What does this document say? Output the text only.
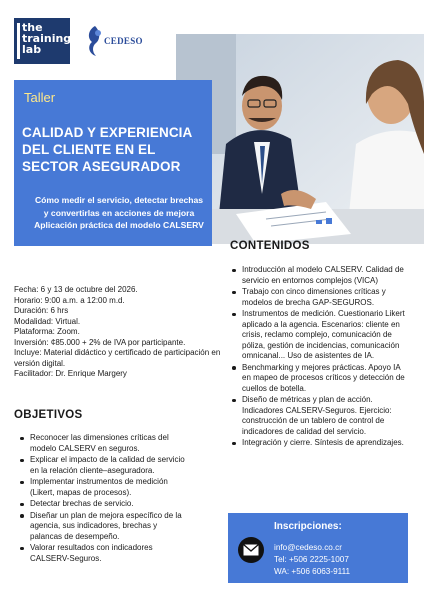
the
training
lab
CEDESO
Taller
CALIDAD Y EXPERIENCIA DEL CLIENTE EN EL SECTOR ASEGURADOR
Cómo medir el servicio, detectar brechas
y convertirlas en acciones de mejora
Aplicación práctica del modelo CALSERV

Fecha: 6 y 13 de octubre del 2026.

Horario: 9:00 a.m. a 12:00 m.d.

Duración: 6 hrs

Modalidad: Virtual.

Plataforma: Zoom.

Inversión: ¢85.000 + 2% de IVA por participante.

Incluye: Material didáctico y certificado de participación en versión digital.

Facilitador: Dr. Enrique Margery

CONTENIDOS
Introducción al modelo CALSERV. Calidad de servicio en entornos complejos (VICA)
Trabajo con cinco dimensiones críticas y modelos de brecha GAP-SEGUROS.
Instrumentos de medición. Cuestionario Likert aplicado a la agencia. Escenarios: cliente en crisis, reclamo complejo, comunicación de póliza, gestión de incidencias, comunicación omnicanal... Uso de asistentes de IA.
Benchmarking y mejores prácticas. Apoyo IA en mapeo de procesos críticos y detección de cuellos de botella.
Diseño de métricas y plan de acción. Indicadores CALSERV-Seguros. Ejercicio: construcción de un tablero de control de indicadores de calidad del servicio.
Integración y cierre. Síntesis de aprendizajes.
OBJETIVOS
Reconocer las dimensiones críticas del modelo CALSERV en seguros.
Explicar el impacto de la calidad de servicio en la relación cliente–aseguradora.
Implementar instrumentos de medición (Likert, mapas de procesos).
Detectar brechas de servicio.
Diseñar un plan de mejora específico de la agencia, sus indicadores, brechas y palancas de desempeño.
Valorar resultados con indicadores CALSERV-Seguros.
Inscripciones:
info@cedeso.co.cr
Tel: +506 2225-1007
WA: +506 6063-9111
